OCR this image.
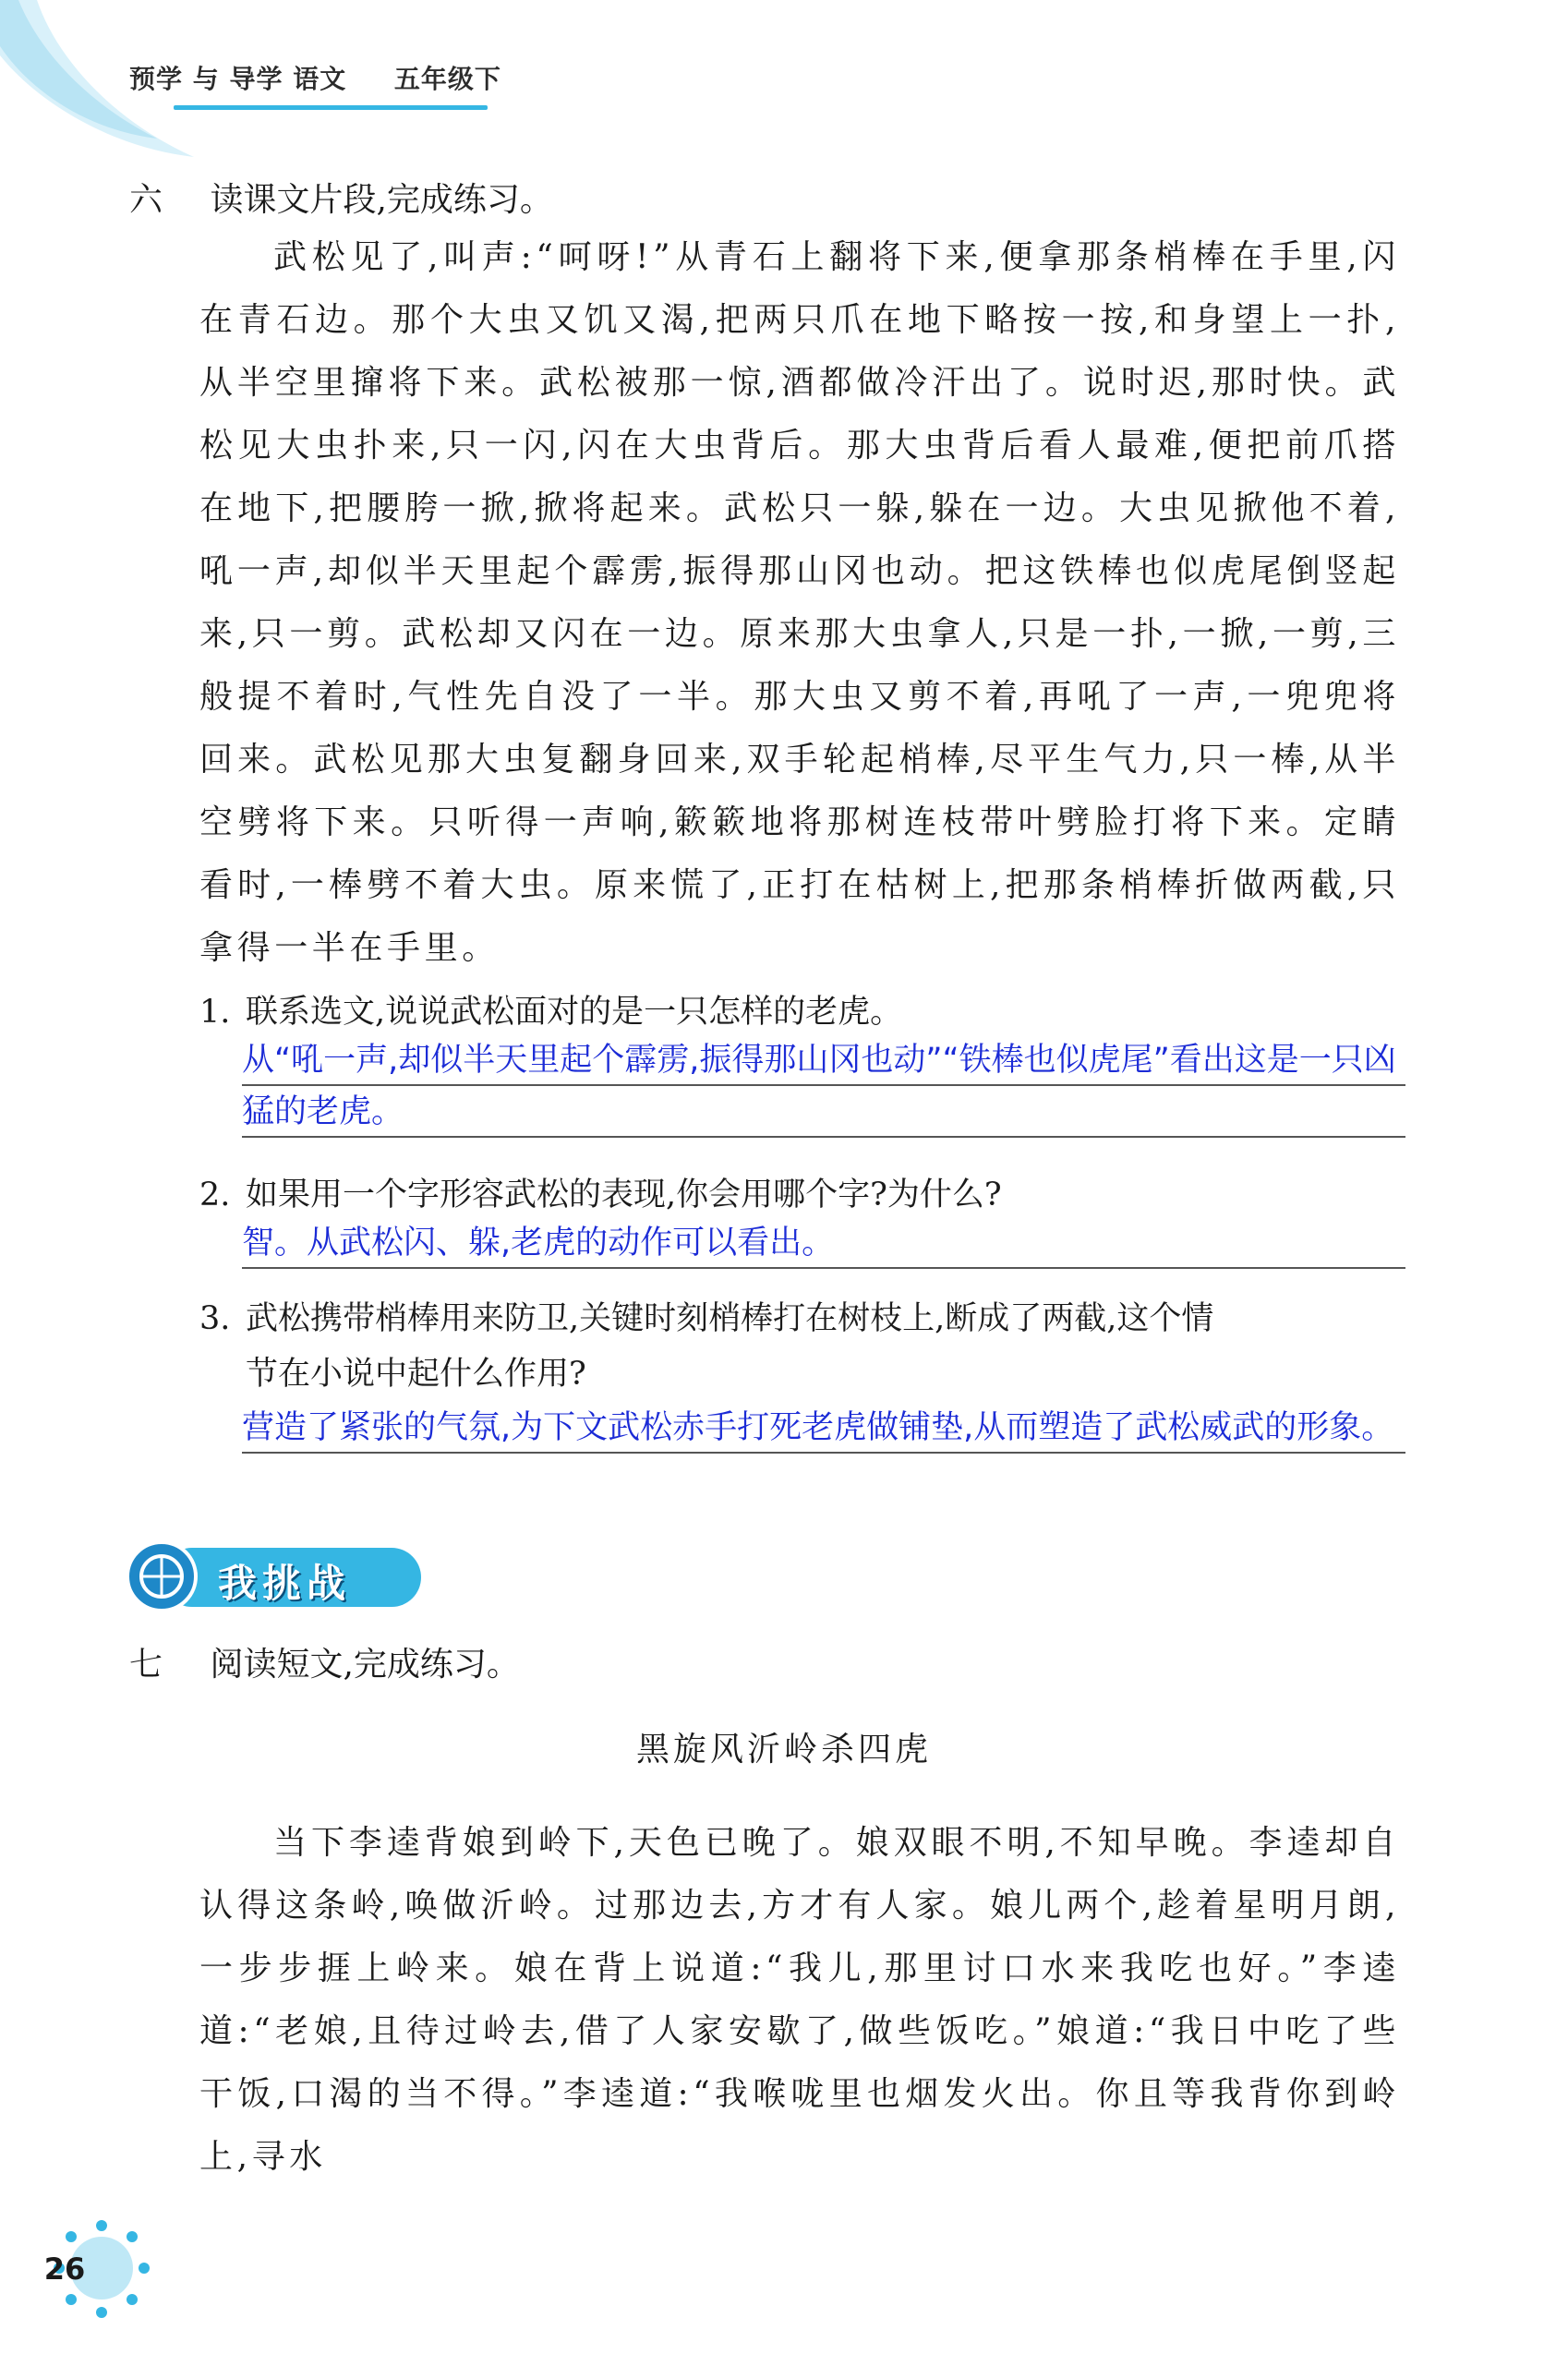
预学 与 导学 语文 五年级下
六 读课文片段,完成练习。

武松见了,叫声:“呵呀!”从青石上翻将下来,便拿那条梢棒在手里,闪在青石边。那个大虫又饥又渴,把两只爪在地下略按一按,和身望上一扑,从半空里撺将下来。武松被那一惊,酒都做冷汗出了。说时迟,那时快。武松见大虫扑来,只一闪,闪在大虫背后。那大虫背后看人最难,便把前爪搭在地下,把腰胯一掀,掀将起来。武松只一躲,躲在一边。大虫见掀他不着,吼一声,却似半天里起个霹雳,振得那山冈也动。把这铁棒也似虎尾倒竖起来,只一剪。武松却又闪在一边。原来那大虫拿人,只是一扑,一掀,一剪,三般提不着时,气性先自没了一半。那大虫又剪不着,再吼了一声,一兜兜将回来。武松见那大虫复翻身回来,双手轮起梢棒,尽平生气力,只一棒,从半空劈将下来。只听得一声响,簌簌地将那树连枝带叶劈脸打将下来。定睛看时,一棒劈不着大虫。原来慌了,正打在枯树上,把那条梢棒折做两截,只拿得一半在手里。

1. 联系选文,说说武松面对的是一只怎样的老虎。

从“吼一声,却似半天里起个霹雳,振得那山冈也动”“铁棒也似虎尾”看出这是一只凶猛的老虎。

2. 如果用一个字形容武松的表现,你会用哪个字?为什么?

智。从武松闪、躲,老虎的动作可以看出。

3. 武松携带梢棒用来防卫,关键时刻梢棒打在树枝上,断成了两截,这个情
节在小说中起什么作用?

营造了紧张的气氛,为下文武松赤手打死老虎做铺垫,从而塑造了武松威武的形象。

我挑战
七 阅读短文,完成练习。
黑旋风沂岭杀四虎

当下李逵背娘到岭下,天色已晚了。娘双眼不明,不知早晚。李逵却自认得这条岭,唤做沂岭。过那边去,方才有人家。娘儿两个,趁着星明月朗,一步步捱上岭来。娘在背上说道:“我儿,那里讨口水来我吃也好。”李逵道:“老娘,且待过岭去,借了人家安歇了,做些饭吃。”娘道:“我日中吃了些干饭,口渴的当不得。”李逵道:“我喉咙里也烟发火出。你且等我背你到岭上,寻水

26
